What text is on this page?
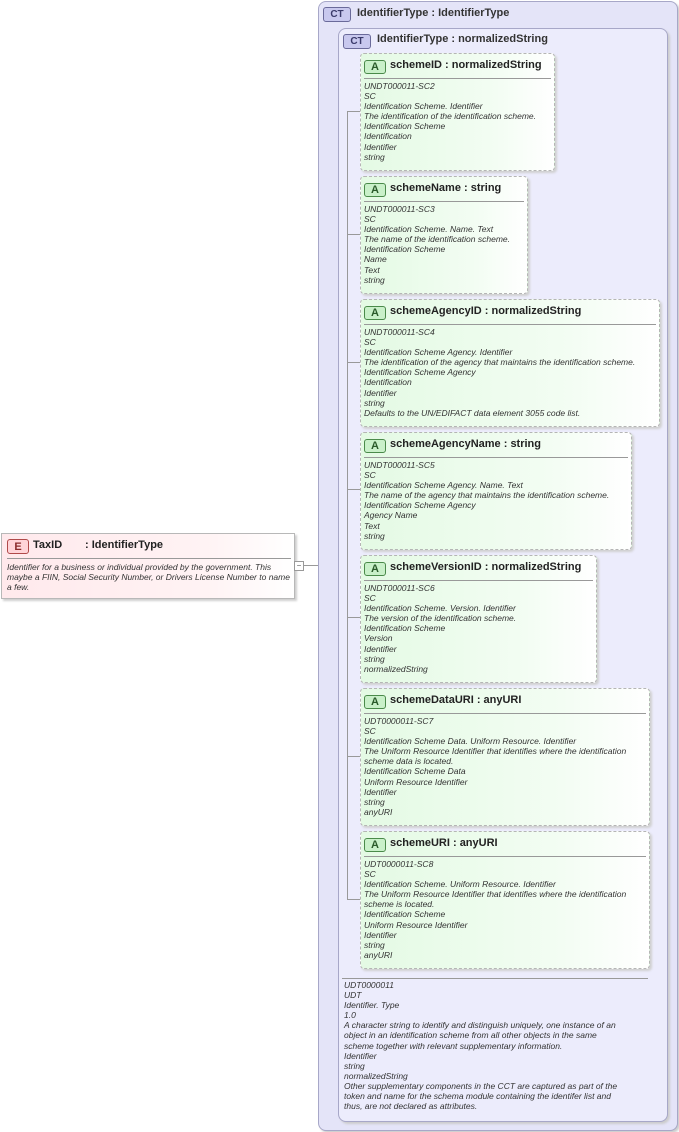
E	TaxID : IdentifierType
Identifier for a business or individual provided by the government. This maybe a FIIN, Social Security Number, or Drivers License Number to name a few.
−
CT	IdentifierType : IdentifierType
CT	IdentifierType : normalizedString
A	schemeID : normalizedString
UNDT000011-SC2
SC
Identification Scheme. Identifier
The identification of the identification scheme.
Identification Scheme
Identification
Identifier
string
A	schemeName : string
UNDT000011-SC3
SC
Identification Scheme. Name. Text
The name of the identification scheme.
Identification Scheme
Name
Text
string
A	schemeAgencyID : normalizedString
UNDT000011-SC4
SC
Identification Scheme Agency. Identifier
The identification of the agency that maintains the identification scheme.
Identification Scheme Agency
Identification
Identifier
string
Defaults to the UN/EDIFACT data element 3055 code list.
A	schemeAgencyName : string
UNDT000011-SC5
SC
Identification Scheme Agency. Name. Text
The name of the agency that maintains the identification scheme.
Identification Scheme Agency
Agency Name
Text
string
A	schemeVersionID : normalizedString
UNDT000011-SC6
SC
Identification Scheme. Version. Identifier
The version of the identification scheme.
Identification Scheme
Version
Identifier
string
normalizedString
A	schemeDataURI : anyURI
UDT0000011-SC7
SC
Identification Scheme Data. Uniform Resource. Identifier
The Uniform Resource Identifier that identifies where the identification
scheme data is located.
Identification Scheme Data
Uniform Resource Identifier
Identifier
string
anyURI
A	schemeURI : anyURI
UDT0000011-SC8
SC
Identification Scheme. Uniform Resource. Identifier
The Uniform Resource Identifier that identifies where the identification
scheme is located.
Identification Scheme
Uniform Resource Identifier
Identifier
string
anyURI
UDT0000011
UDT
Identifier. Type
1.0
A character string to identify and distinguish uniquely, one instance of an
object in an identification scheme from all other objects in the same
scheme together with relevant supplementary information.
Identifier
string
normalizedString
Other supplementary components in the CCT are captured as part of the
token and name for the schema module containing the identifer list and
thus, are not declared as attributes.
